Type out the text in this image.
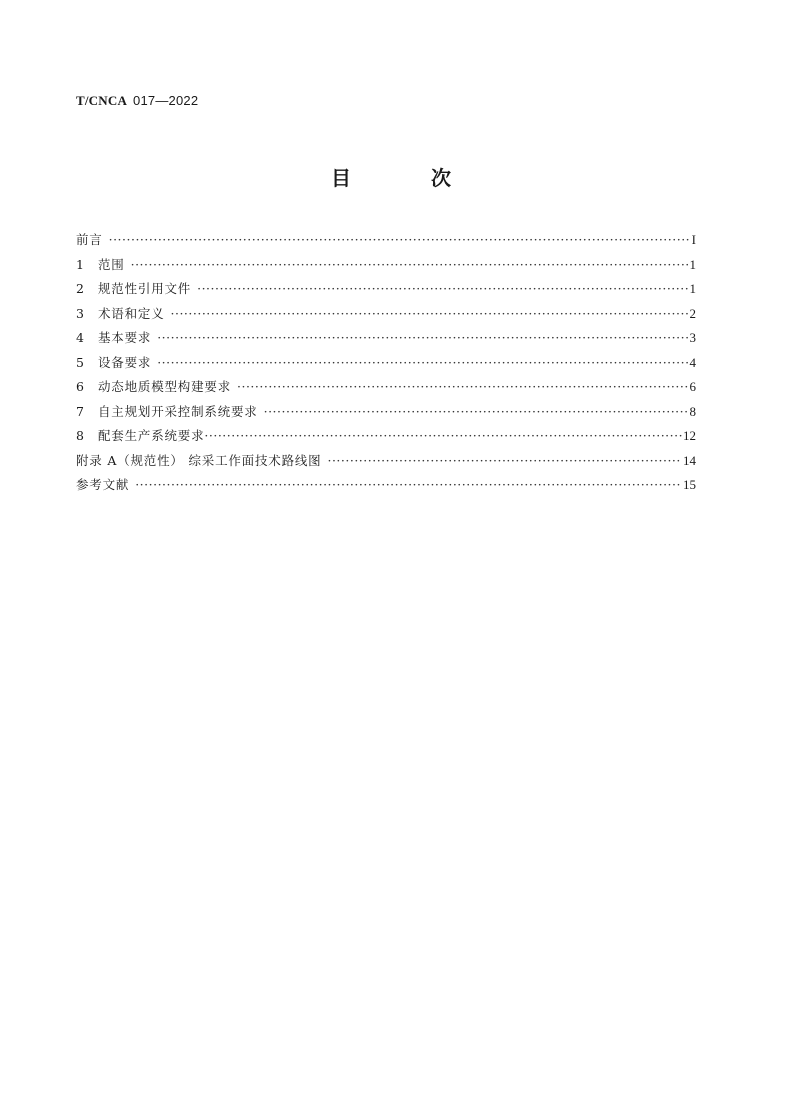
T/CNCA 017—2022
目　次
前言 ·····	I
1	范围 ·····	1
2	规范性引用文件 ·····	1
3	术语和定义 ·····	2
4	基本要求 ·····	3
5	设备要求 ·····	4
6	动态地质模型构建要求 ·····	6
7	自主规划开采控制系统要求 ·····	8
8	配套生产系统要求 ·····	12
附录 A（规范性） 综采工作面技术路线图 ·····	14
参考文献 ·····	15
